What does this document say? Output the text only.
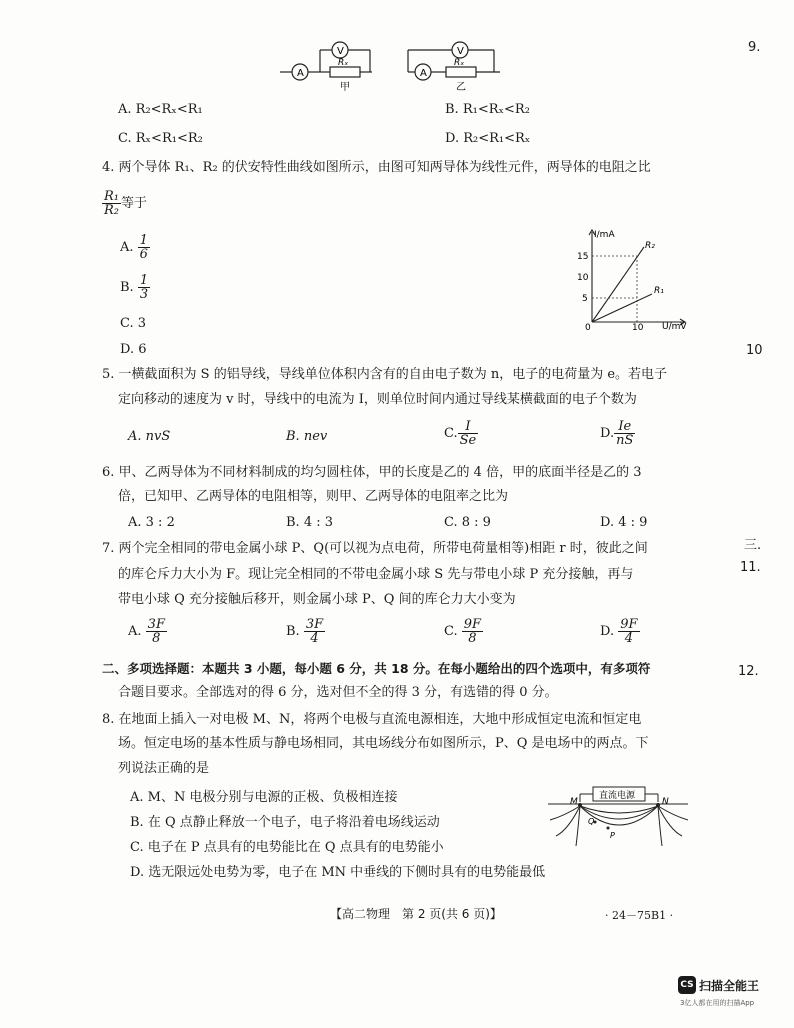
A
V
Rₓ
甲
A
V
Rₓ
乙
A. R₂<Rₓ<R₁	B. R₁<Rₓ<R₂
C. Rₓ<R₁<R₂	D. R₂<R₁<Rₓ
4. 两个导体 R₁、R₂ 的伏安特性曲线如图所示，由图可知两导体为线性元件，两导体的电阻之比
$\frac{\text{R₁}}{\text{R₂}}$ 等于
A. $\frac{1}{6}$
B. $\frac{1}{3}$
C. 3
D. 6
I/mA
U/mV
0
15
10
5
10
R₂
R₁
5. 一横截面积为 S 的铝导线，导线单位体积内含有的自由电子数为 n，电子的电荷量为 e。若电子
定向移动的速度为 v 时，导线中的电流为 I，则单位时间内通过导线某横截面的电子个数为
A. nvS	B. nev	C. $\frac{I}{Se}$	D. $\frac{Ie}{nS}$
6. 甲、乙两导体为不同材料制成的均匀圆柱体，甲的长度是乙的 4 倍，甲的底面半径是乙的 3
倍，已知甲、乙两导体的电阻相等，则甲、乙两导体的电阻率之比为
A. 3 : 2	B. 4 : 3	C. 8 : 9	D. 4 : 9
7. 两个完全相同的带电金属小球 P、Q(可以视为点电荷，所带电荷量相等)相距 r 时，彼此之间
的库仑斥力大小为 F。现让完全相同的不带电金属小球 S 先与带电小球 P 充分接触，再与
带电小球 Q 充分接触后移开，则金属小球 P、Q 间的库仑力大小变为
A. $\frac{3F}{8}$	B. $\frac{3F}{4}$	C. $\frac{9F}{8}$	D. $\frac{9F}{4}$
二、多项选择题：本题共 3 小题，每小题 6 分，共 18 分。在每小题给出的四个选项中，有多项符
合题目要求。全部选对的得 6 分，选对但不全的得 3 分，有选错的得 0 分。
8. 在地面上插入一对电极 M、N，将两个电极与直流电源相连，大地中形成恒定电流和恒定电
场。恒定电场的基本性质与静电场相同，其电场线分布如图所示，P、Q 是电场中的两点。下
列说法正确的是
A. M、N 电极分别与电源的正极、负极相连接
B. 在 Q 点静止释放一个电子，电子将沿着电场线运动
C. 电子在 P 点具有的电势能比在 Q 点具有的电势能小
D. 选无限远处电势为零，电子在 MN 中垂线的下侧时具有的电势能最低
直流电源
M	N
P
Q
【高二物理　第 2 页(共 6 页)】	· 24－75B1 ·
9.
10
三.
11.
12.
CS 扫描全能王
3亿人都在用的扫描App
